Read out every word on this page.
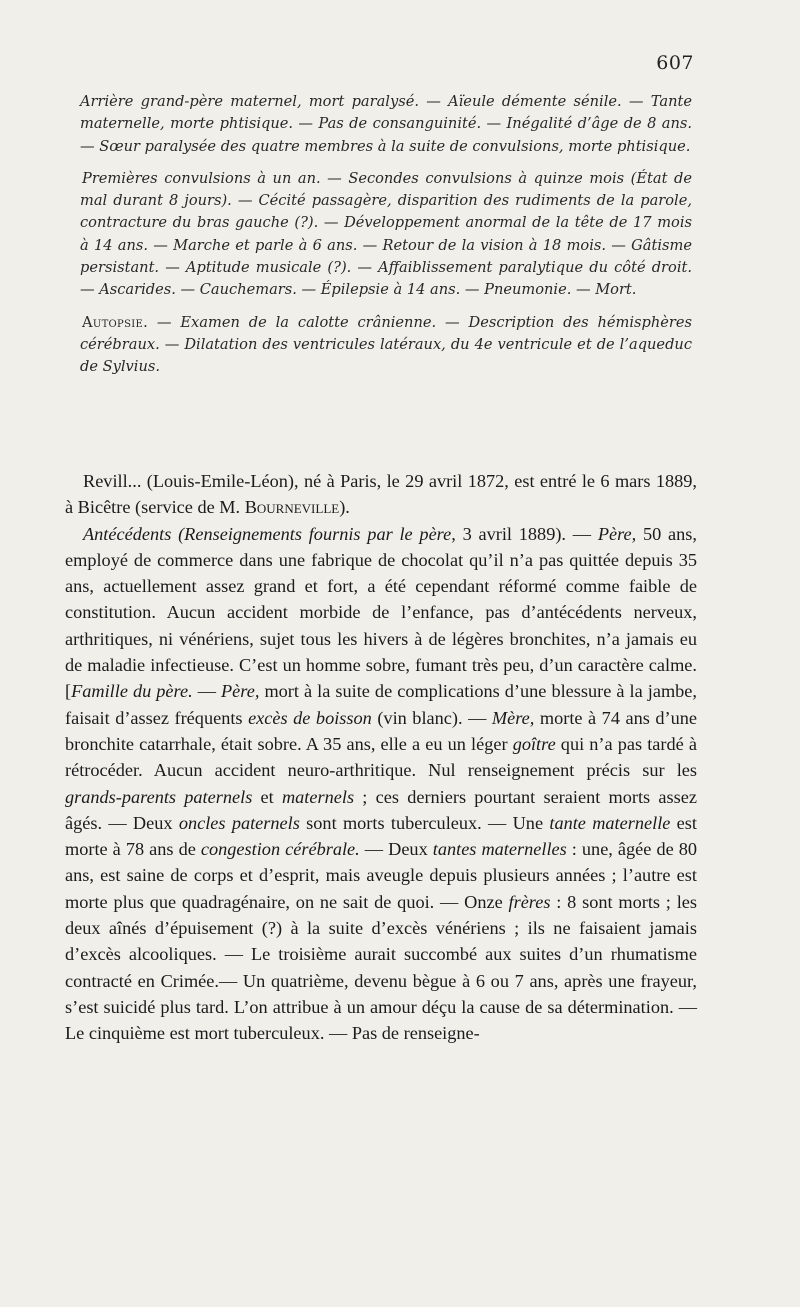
607

Arrière grand-père maternel, mort paralysé. — Aïeule démente sénile. — Tante maternelle, morte phtisique. — Pas de consanguinité. — Inégalité d’âge de 8 ans. — Sœur paralysée des quatre membres à la suite de convulsions, morte phtisique.

Premières convulsions à un an. — Secondes convulsions à quinze mois (État de mal durant 8 jours). — Cécité passagère, disparition des rudiments de la parole, contracture du bras gauche (?). — Développement anormal de la tête de 17 mois à 14 ans. — Marche et parle à 6 ans. — Retour de la vision à 18 mois. — Gâtisme persistant. — Aptitude musicale (?). — Affaiblissement paralytique du côté droit. — Ascarides. — Cauchemars. — Épilepsie à 14 ans. — Pneumonie. — Mort.

Autopsie. — Examen de la calotte crânienne. — Description des hémisphères cérébraux. — Dilatation des ventricules latéraux, du 4e ventricule et de l’aqueduc de Sylvius.

Revill... (Louis-Emile-Léon), né à Paris, le 29 avril 1872, est entré le 6 mars 1889, à Bicêtre (service de M. Bourneville).

Antécédents (Renseignements fournis par le père, 3 avril 1889). — Père, 50 ans, employé de commerce dans une fabrique de chocolat qu’il n’a pas quittée depuis 35 ans, actuellement assez grand et fort, a été cependant réformé comme faible de constitution. Aucun accident morbide de l’enfance, pas d’antécédents nerveux, arthritiques, ni vénériens, sujet tous les hivers à de légères bronchites, n’a jamais eu de maladie infectieuse. C’est un homme sobre, fumant très peu, d’un caractère calme. [Famille du père. — Père, mort à la suite de complications d’une blessure à la jambe, faisait d’assez fréquents excès de boisson (vin blanc). — Mère, morte à 74 ans d’une bronchite catarrhale, était sobre. A 35 ans, elle a eu un léger goître qui n’a pas tardé à rétrocéder. Aucun accident neuro-arthritique. Nul renseignement précis sur les grands-parents paternels et maternels ; ces derniers pourtant seraient morts assez âgés. — Deux oncles paternels sont morts tuberculeux. — Une tante maternelle est morte à 78 ans de congestion cérébrale. — Deux tantes maternelles : une, âgée de 80 ans, est saine de corps et d’esprit, mais aveugle depuis plusieurs années ; l’autre est morte plus que quadragénaire, on ne sait de quoi. — Onze frères : 8 sont morts ; les deux aînés d’épuisement (?) à la suite d’excès vénériens ; ils ne faisaient jamais d’excès alcooliques. — Le troisième aurait succombé aux suites d’un rhumatisme contracté en Crimée.— Un quatrième, devenu bègue à 6 ou 7 ans, après une frayeur, s’est suicidé plus tard. L’on attribue à un amour déçu la cause de sa détermination. — Le cinquième est mort tuberculeux. — Pas de renseigne-
